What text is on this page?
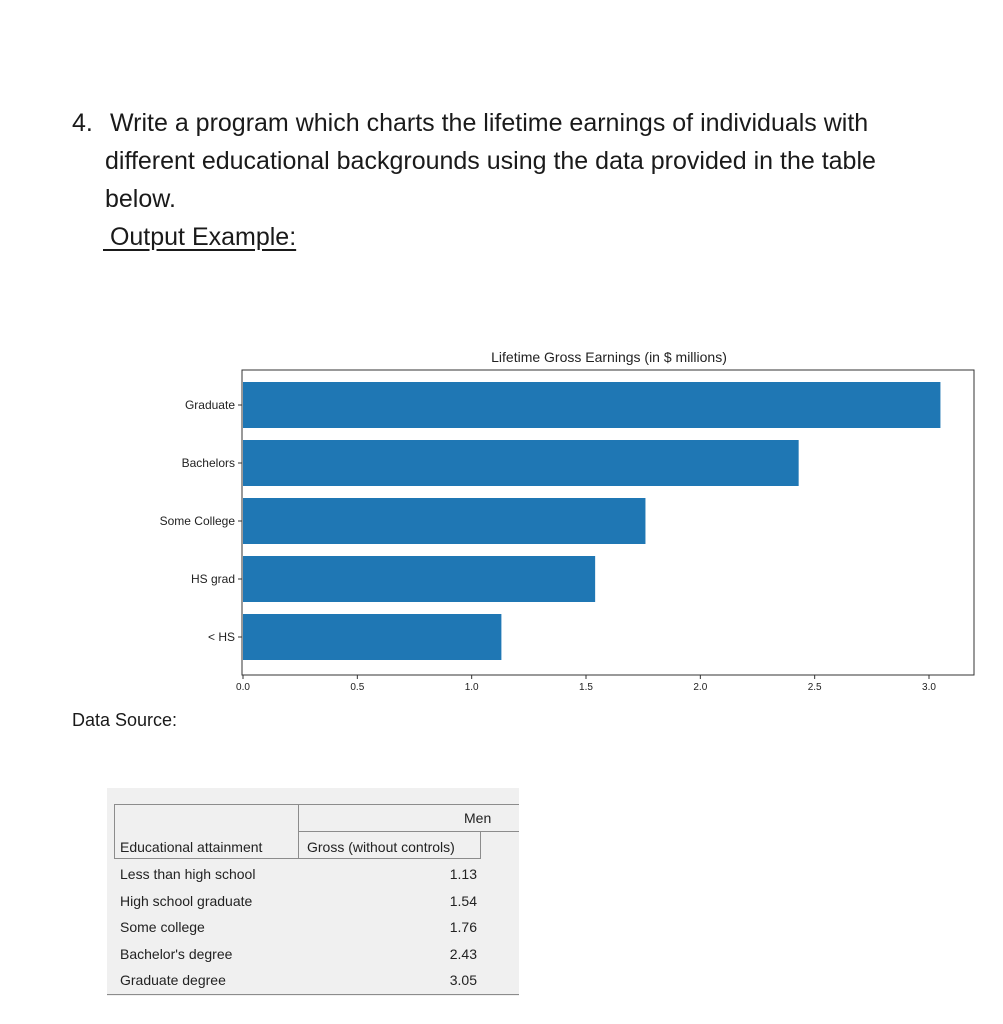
4. Write a program which charts the lifetime earnings of individuals with
different educational backgrounds using the data provided in the table
below.
Output Example:
Lifetime Gross Earnings (in $ millions)
Graduate
Bachelors
Some College
HS grad
< HS
0.0	0.5	1.0	1.5	2.0	2.5	3.0
Data Source:
Men
Educational attainment	Gross (without controls)
Less than high school	1.13
High school graduate	1.54
Some college	1.76
Bachelor's degree	2.43
Graduate degree	3.05
